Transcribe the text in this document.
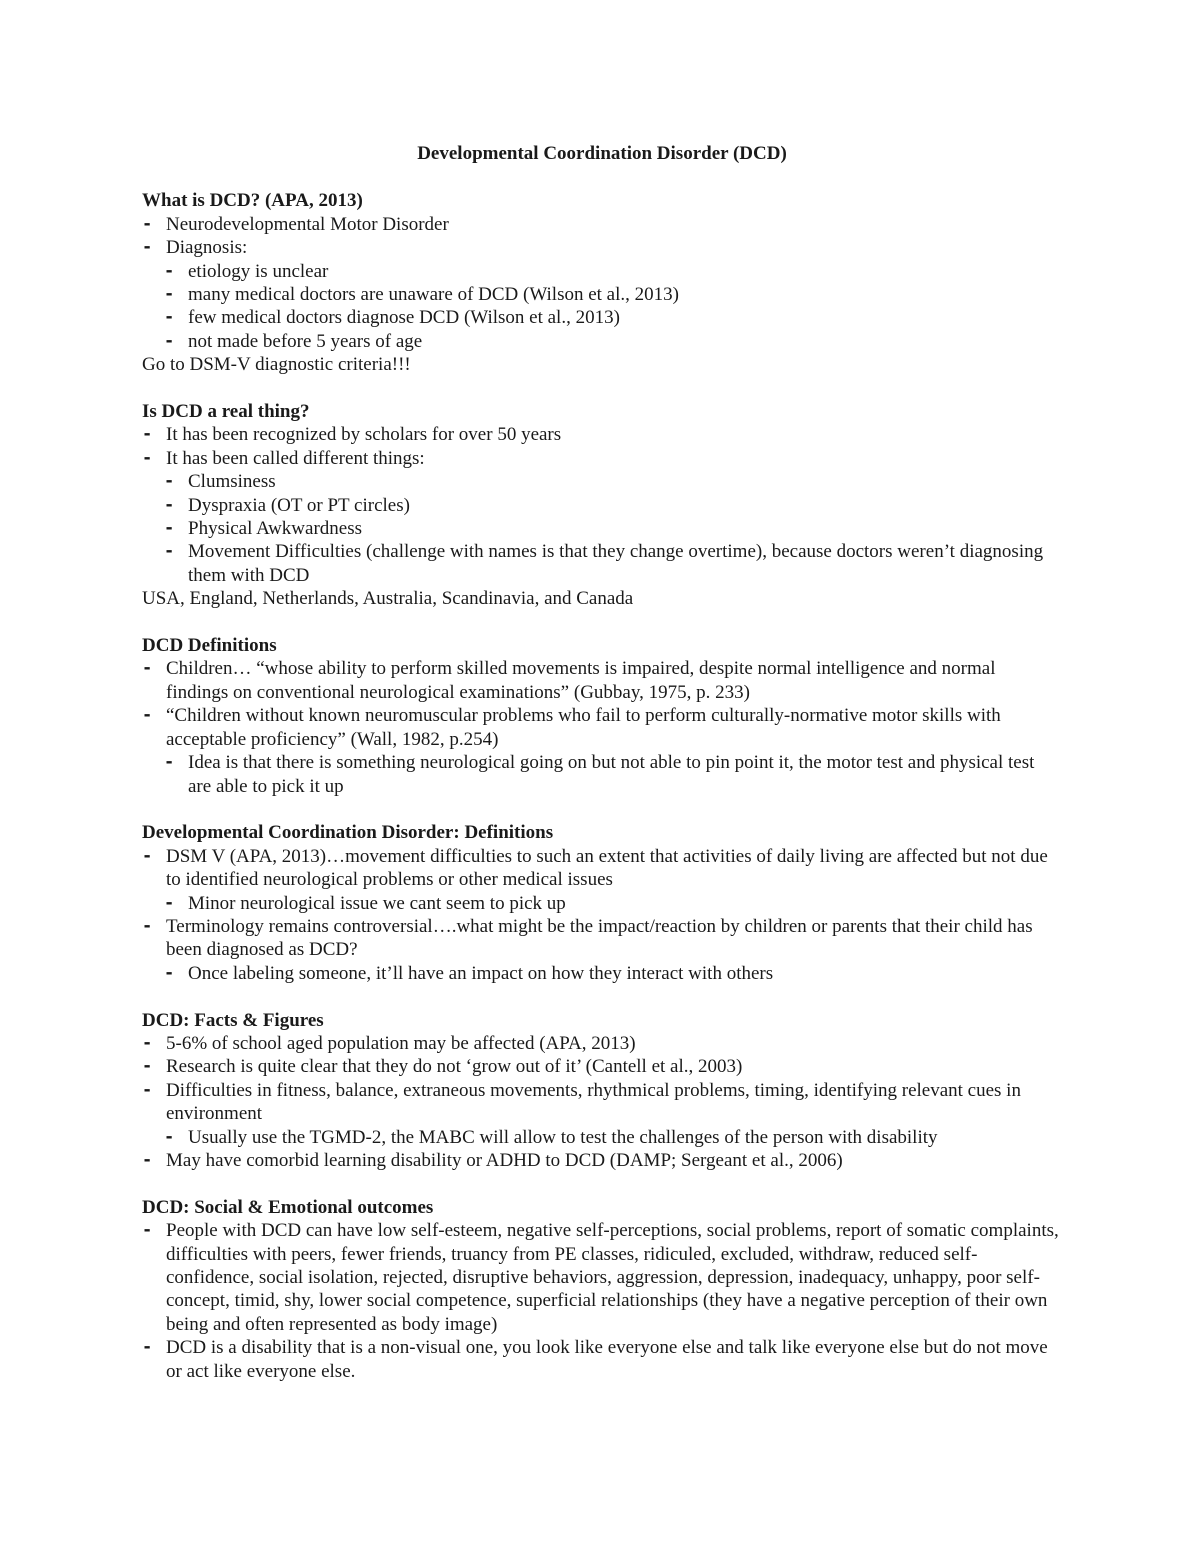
Developmental Coordination Disorder (DCD)

What is DCD? (APA, 2013)

- Neurodevelopmental Motor Disorder
- Diagnosis:
- etiology is unclear
- many medical doctors are unaware of DCD (Wilson et al., 2013)
- few medical doctors diagnose DCD (Wilson et al., 2013)
- not made before 5 years of age

Go to DSM-V diagnostic criteria!!!

Is DCD a real thing?

- It has been recognized by scholars for over 50 years
- It has been called different things:
- Clumsiness
- Dyspraxia (OT or PT circles)
- Physical Awkwardness
- Movement Difficulties (challenge with names is that they change overtime), because doctors weren’t diagnosing them with DCD

USA, England, Netherlands, Australia, Scandinavia, and Canada

DCD Definitions

- Children… “whose ability to perform skilled movements is impaired, despite normal intelligence and normal findings on conventional neurological examinations” (Gubbay, 1975, p. 233)
- “Children without known neuromuscular problems who fail to perform culturally-normative motor skills with acceptable proficiency” (Wall, 1982, p.254)
- Idea is that there is something neurological going on but not able to pin point it, the motor test and physical test are able to pick it up

Developmental Coordination Disorder: Definitions

- DSM V (APA, 2013)…movement difficulties to such an extent that activities of daily living are affected but not due to identified neurological problems or other medical issues
- Minor neurological issue we cant seem to pick up
- Terminology remains controversial….what might be the impact/reaction by children or parents that their child has been diagnosed as DCD?
- Once labeling someone, it’ll have an impact on how they interact with others

DCD: Facts & Figures

- 5-6% of school aged population may be affected (APA, 2013)
- Research is quite clear that they do not ‘grow out of it’ (Cantell et al., 2003)
- Difficulties in fitness, balance, extraneous movements, rhythmical problems, timing, identifying relevant cues in environment
- Usually use the TGMD-2, the MABC will allow to test the challenges of the person with disability
- May have comorbid learning disability or ADHD to DCD (DAMP; Sergeant et al., 2006)

DCD: Social & Emotional outcomes

- People with DCD can have low self-esteem, negative self-perceptions, social problems, report of somatic complaints, difficulties with peers, fewer friends, truancy from PE classes, ridiculed, excluded, withdraw, reduced self-confidence, social isolation, rejected, disruptive behaviors, aggression, depression, inadequacy, unhappy, poor self-concept, timid, shy, lower social competence, superficial relationships (they have a negative perception of their own being and often represented as body image)
- DCD is a disability that is a non-visual one, you look like everyone else and talk like everyone else but do not move or act like everyone else.
